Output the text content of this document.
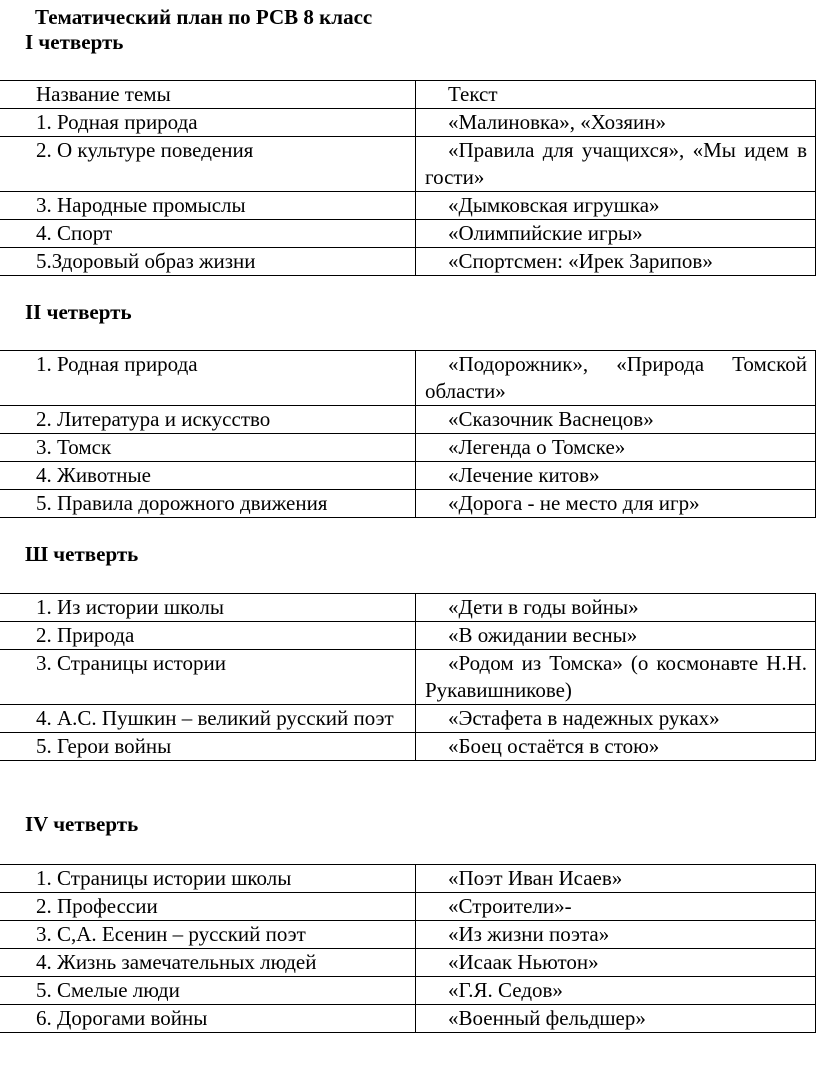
Тематический план по РСВ 8 класс
I четверть
Название темы	Текст

1. Родная природа	«Малиновка», «Хозяин»

2. О культуре поведения	«Правила для учащихся», «Мы идем в гости»

3. Народные промыслы	«Дымковская игрушка»

4. Спорт	«Олимпийские игры»

5.Здоровый образ жизни	«Спортсмен: «Ирек Зарипов»
II четверть
1. Родная природа	«Подорожник», «Природа Томской области»

2. Литература и искусство	«Сказочник Васнецов»

3. Томск	«Легенда о Томске»

4. Животные	«Лечение китов»

5. Правила дорожного движения	«Дорога - не место для игр»
Ш четверть
1. Из истории школы	«Дети в годы войны»

2. Природа	«В ожидании весны»

3. Страницы истории	«Родом из Томска» (о космонавте Н.Н. Рукавишникове)

4. А.С. Пушкин – великий русский поэт	«Эстафета в надежных руках»

5. Герои войны	«Боец остаётся в стою»
IV четверть
1. Страницы истории школы	«Поэт Иван Исаев»

2. Профессии	«Строители»-

3. С,А. Есенин – русский поэт	«Из жизни поэта»

4. Жизнь замечательных людей	«Исаак Ньютон»

5. Смелые люди	«Г.Я. Седов»

6. Дорогами войны	«Военный фельдшер»
